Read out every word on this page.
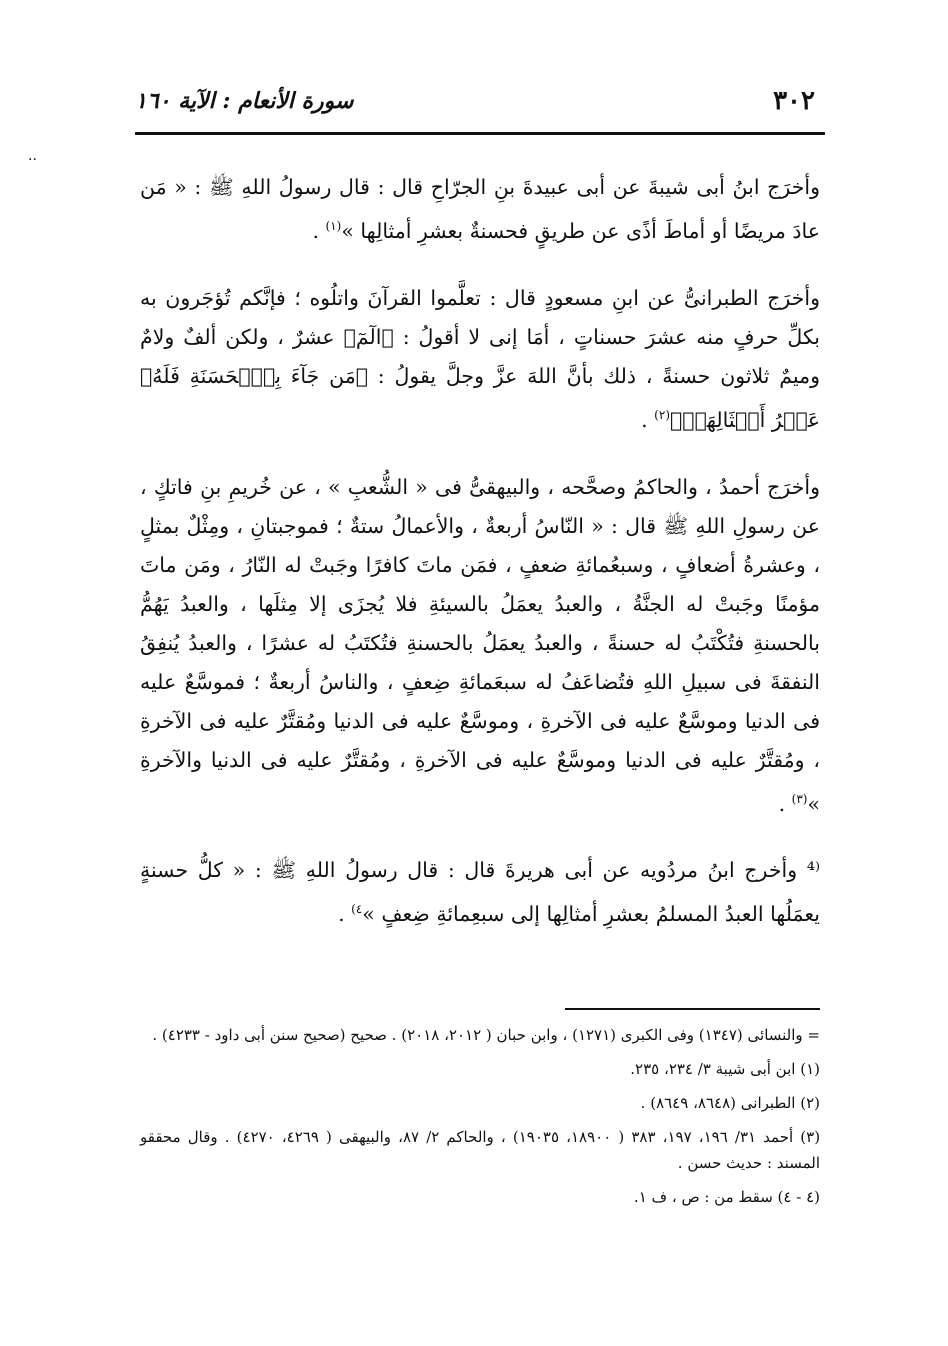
٣٠٢
سورة الأنعام : الآية ١٦٠
..

وأخرَج ابنُ أبى شيبةَ عن أبى عبيدةَ بنِ الجرّاحِ قال : قال رسولُ اللهِ ﷺ : « مَن عادَ مريضًا أو أماطَ أذًى عن طريقٍ فحسنةٌ بعشرِ أمثالِها »$^{(١)}$ .

وأخرَج الطبرانىُّ عن ابنِ مسعودٍ قال : تعلَّموا القرآنَ واتلُوه ؛ فإنَّكم تُؤجَرون به بكلِّ حرفٍ منه عشرَ حسناتٍ ، أمَا إنى لا أقولُ : ﴿الٓمٓ﴾ عشرٌ ، ولكن ألفٌ ولامٌ وميمٌ ثلاثون حسنةً ، ذلك بأنَّ اللهَ عزَّ وجلَّ يقولُ : ﴿مَن جَآءَ بِٱلۡحَسَنَةِ فَلَهُۥ عَشۡرُ أَمۡثَالِهَاۖ﴾$^{(٢)}$ .

وأخرَج أحمدُ ، والحاكمُ وصحَّحه ، والبيهقىُّ فى « الشُّعبِ » ، عن خُريمِ بنِ فاتكٍ ، عن رسولِ اللهِ ﷺ قال : « النّاسُ أربعةٌ ، والأعمالُ ستةٌ ؛ فموجبتانِ ، ومِثْلٌ بمثلٍ ، وعشرةُ أضعافٍ ، وسبعُمائةِ ضعفٍ ، فمَن ماتَ كافرًا وجَبتْ له النّارُ ، ومَن ماتَ مؤمنًا وجَبتْ له الجنَّةُ ، والعبدُ يعمَلُ بالسيئةِ فلا يُجزَى إلا مِثلَها ، والعبدُ يَهُمُّ بالحسنةِ فتُكْتَبُ له حسنةً ، والعبدُ يعمَلُ بالحسنةِ فتُكتَبُ له عشرًا ، والعبدُ يُنفِقُ النفقةَ فى سبيلِ اللهِ فتُضاعَفُ له سبعَمائةِ ضِعفٍ ، والناسُ أربعةٌ ؛ فموسَّعٌ عليه فى الدنيا وموسَّعٌ عليه فى الآخرةِ ، وموسَّعٌ عليه فى الدنيا ومُقتَّرٌ عليه فى الآخرةِ ، ومُقتَّرٌ عليه فى الدنيا وموسَّعٌ عليه فى الآخرةِ ، ومُقتَّرٌ عليه فى الدنيا والآخرةِ »$^{(٣)}$ .

⁽⁴ وأخرج ابنُ مردُويه عن أبى هريرةَ قال : قال رسولُ اللهِ ﷺ : « كلُّ حسنةٍ يعمَلُها العبدُ المسلمُ بعشرِ أمثالِها إلى سبعِمائةِ ضِعفٍ »$^{٤)}$ .

= والنسائى (١٣٤٧) وفى الكبرى (١٢٧١) ، وابن حبان ( ٢٠١٢، ٢٠١٨) . صحيح (صحيح سنن أبى داود - ٤٢٣٣) .

(١) ابن أبى شيبة ٣/ ٢٣٤، ٢٣٥.

(٢) الطبرانى (٨٦٤٨، ٨٦٤٩) .

(٣) أحمد ٣١/ ١٩٦، ١٩٧، ٣٨٣ ( ١٨٩٠٠، ١٩٠٣٥) ، والحاكم ٢/ ٨٧، والبيهقى ( ٤٢٦٩، ٤٢٧٠) . وقال محققو المسند : حديث حسن .

(٤ - ٤) سقط من : ص ، ف ١.
